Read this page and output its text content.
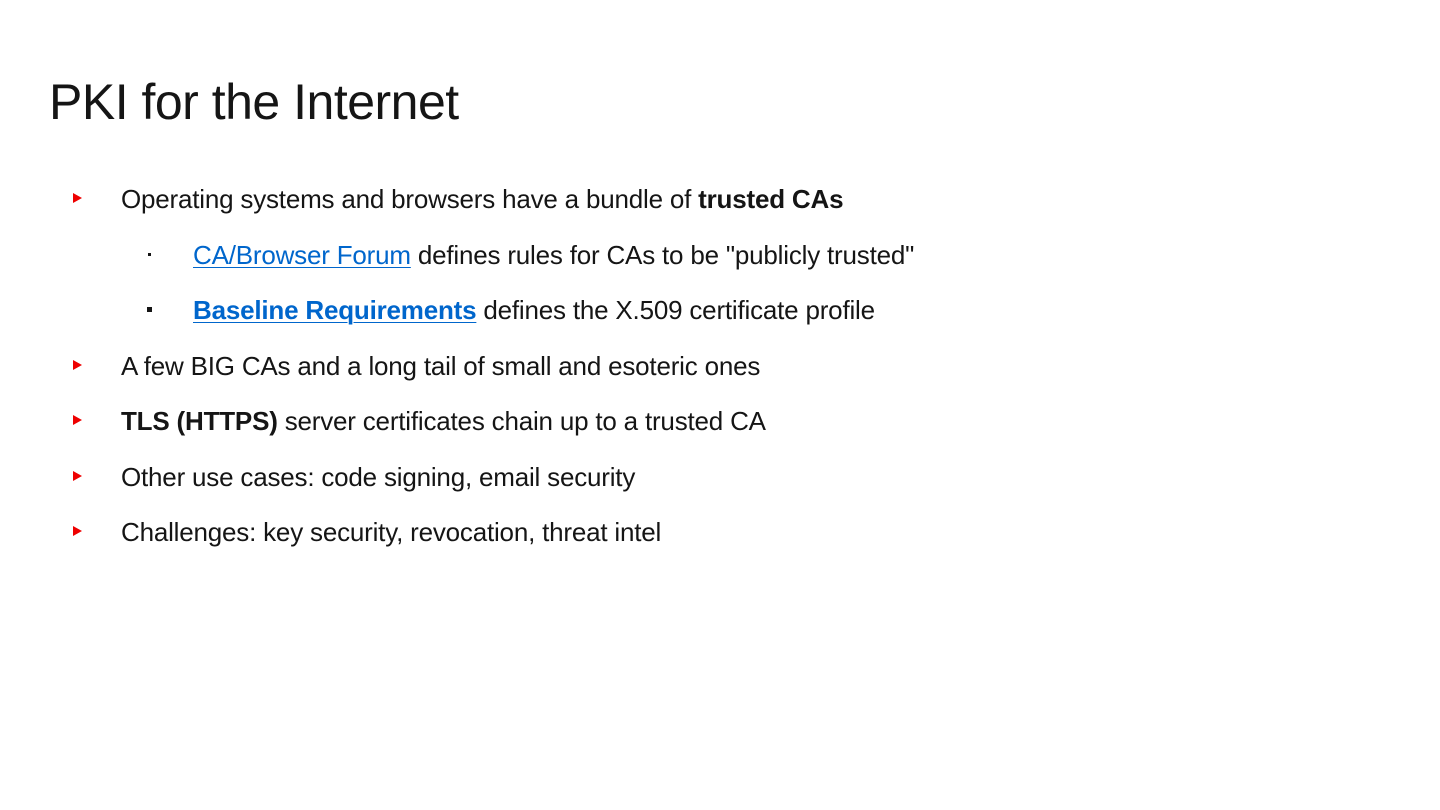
PKI for the Internet
Operating systems and browsers have a bundle of trusted CAs
CA/Browser Forum defines rules for CAs to be "publicly trusted"
Baseline Requirements defines the X.509 certificate profile
A few BIG CAs and a long tail of small and esoteric ones
TLS (HTTPS) server certificates chain up to a trusted CA
Other use cases: code signing, email security
Challenges: key security, revocation, threat intel
